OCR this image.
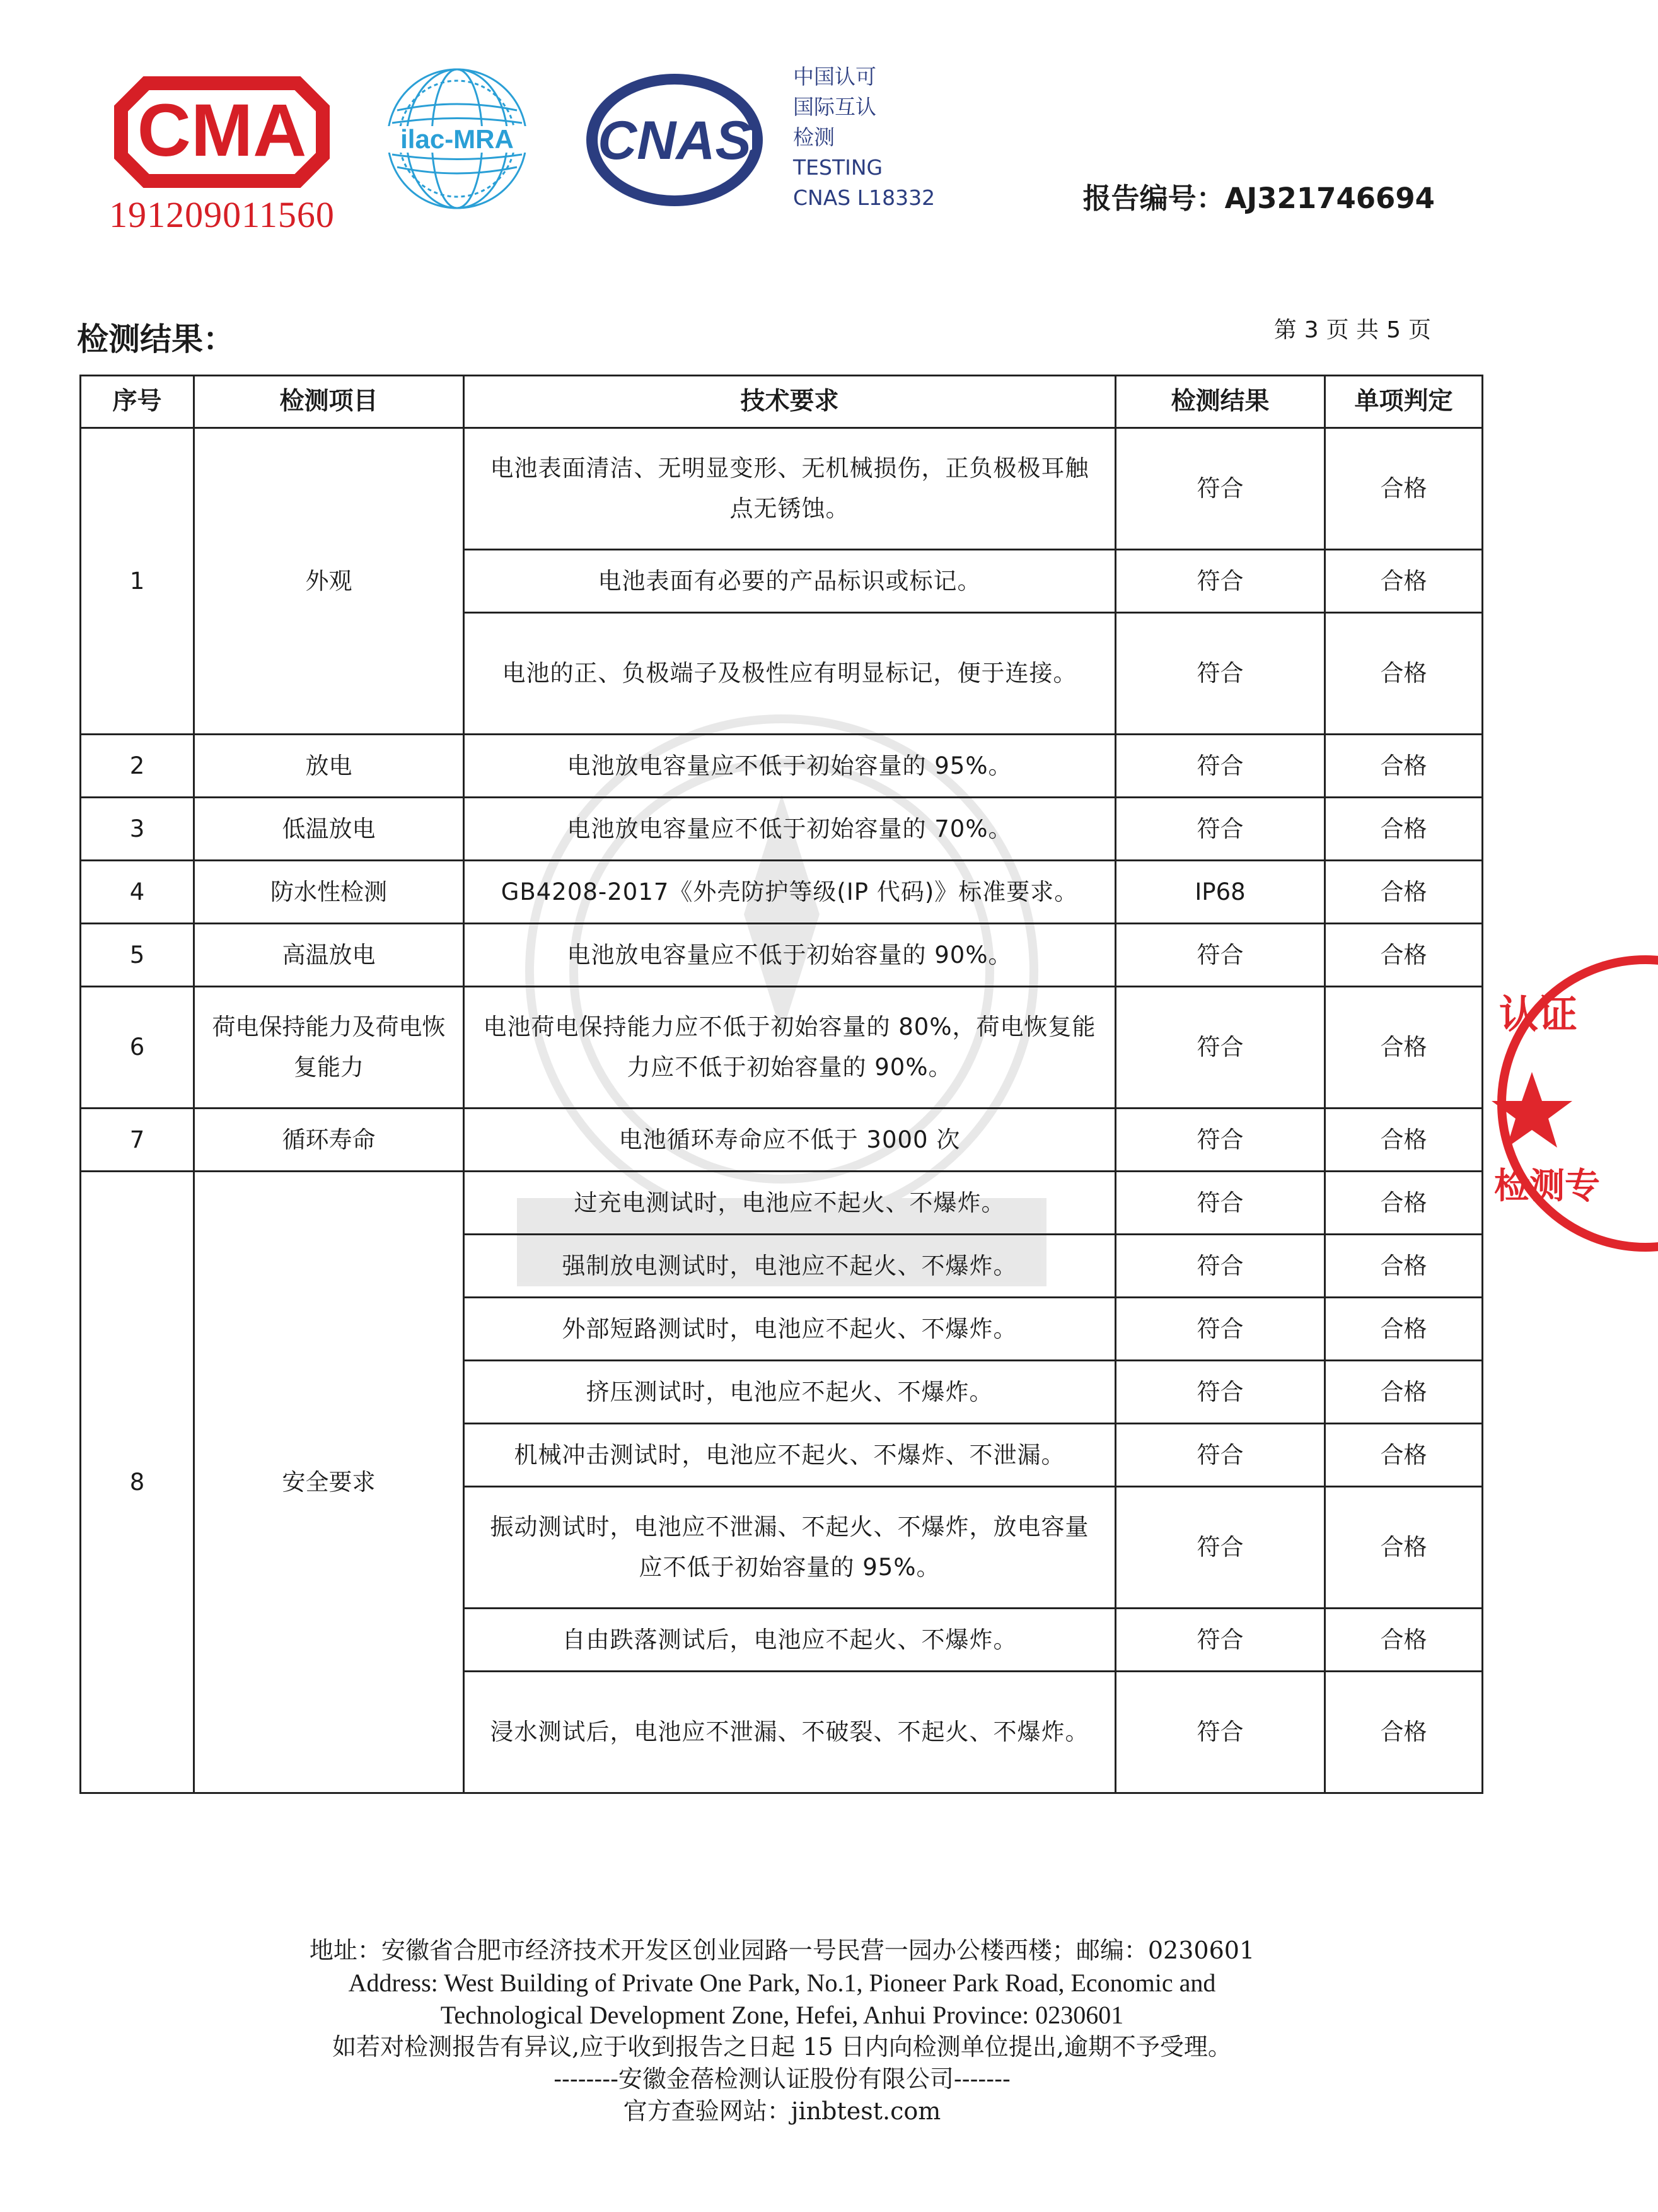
CMA
191209011560
ilac-MRA CNAS
中国认可
国际互认
检测
TESTING
CNAS L18332	报告编号：AJ321746694
检测结果：	第 3 页 共 5 页
序号	检测项目	技术要求	检测结果	单项判定
1	外观	电池表面清洁、无明显变形、无机械损伤，正负极极耳触点无锈蚀。	符合	合格
		电池表面有必要的产品标识或标记。	符合	合格
		电池的正、负极端子及极性应有明显标记，便于连接。	符合	合格
2	放电	电池放电容量应不低于初始容量的 95%。	符合	合格
3	低温放电	电池放电容量应不低于初始容量的 70%。	符合	合格
4	防水性检测	GB4208-2017《外壳防护等级(IP 代码)》标准要求。	IP68	合格
5	高温放电	电池放电容量应不低于初始容量的 90%。	符合	合格
6	荷电保持能力及荷电恢复能力	电池荷电保持能力应不低于初始容量的 80%，荷电恢复能力应不低于初始容量的 90%。	符合	合格
7	循环寿命	电池循环寿命应不低于 3000 次	符合	合格
8	安全要求	过充电测试时，电池应不起火、不爆炸。	符合	合格
		强制放电测试时，电池应不起火、不爆炸。	符合	合格
		外部短路测试时，电池应不起火、不爆炸。	符合	合格
		挤压测试时，电池应不起火、不爆炸。	符合	合格
		机械冲击测试时，电池应不起火、不爆炸、不泄漏。	符合	合格
		振动测试时，电池应不泄漏、不起火、不爆炸，放电容量应不低于初始容量的 95%。	符合	合格
		自由跌落测试后，电池应不起火、不爆炸。	符合	合格
		浸水测试后，电池应不泄漏、不破裂、不起火、不爆炸。	符合	合格
认证
检测专
地址：安徽省合肥市经济技术开发区创业园路一号民营一园办公楼西楼；邮编：0230601
Address: West Building of Private One Park, No.1, Pioneer Park Road, Economic and
Technological Development Zone, Hefei, Anhui Province: 0230601
如若对检测报告有异议,应于收到报告之日起 15 日内向检测单位提出,逾期不予受理。
--------安徽金蓓检测认证股份有限公司-------
官方查验网站：jinbtest.com
